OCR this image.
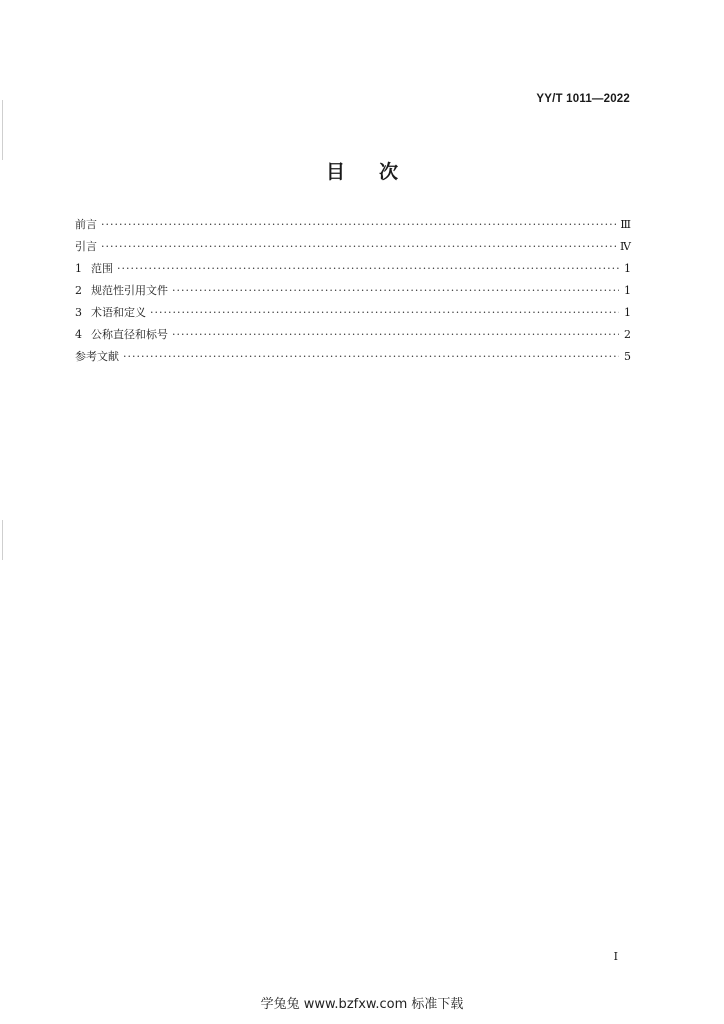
YY/T 1011—2022
目次
前言 ·····	Ⅲ
引言 ·····	Ⅳ
1 范围 ·····	1
2 规范性引用文件 ·····	1
3 术语和定义 ·····	1
4 公称直径和标号 ·····	2
参考文献 ·····	5
I
学兔兔 www.bzfxw.com 标准下载
